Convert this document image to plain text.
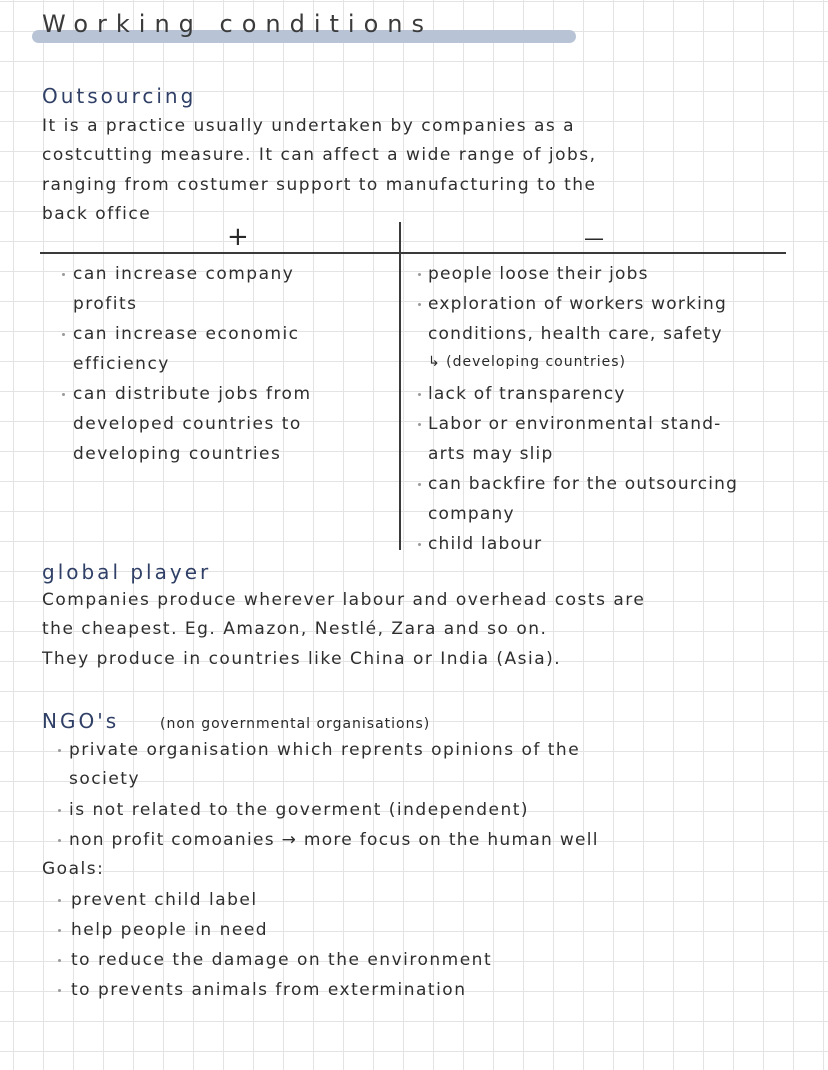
Working conditions
Outsourcing
It is a practice usually undertaken by companies as a
costcutting measure. It can affect a wide range of jobs,
ranging from costumer support to manufacturing to the
back office
+	—
can increase company
profits
can increase economic
efficiency
can distribute jobs from
developed countries to
developing countries
people loose their jobs
exploration of workers working
conditions, health care, safety
↳ (developing countries)
lack of transparency
Labor or environmental stand-
arts may slip
can backfire for the outsourcing
company
child labour
global player
Companies produce wherever labour and overhead costs are
the cheapest. Eg. Amazon, Nestlé, Zara and so on.
They produce in countries like China or India (Asia).
NGO's	(non governmental organisations)
private organisation which reprents opinions of the
society
is not related to the goverment (independent)
non profit comoanies → more focus on the human well
Goals:
prevent child label
help people in need
to reduce the damage on the environment
to prevents animals from extermination
